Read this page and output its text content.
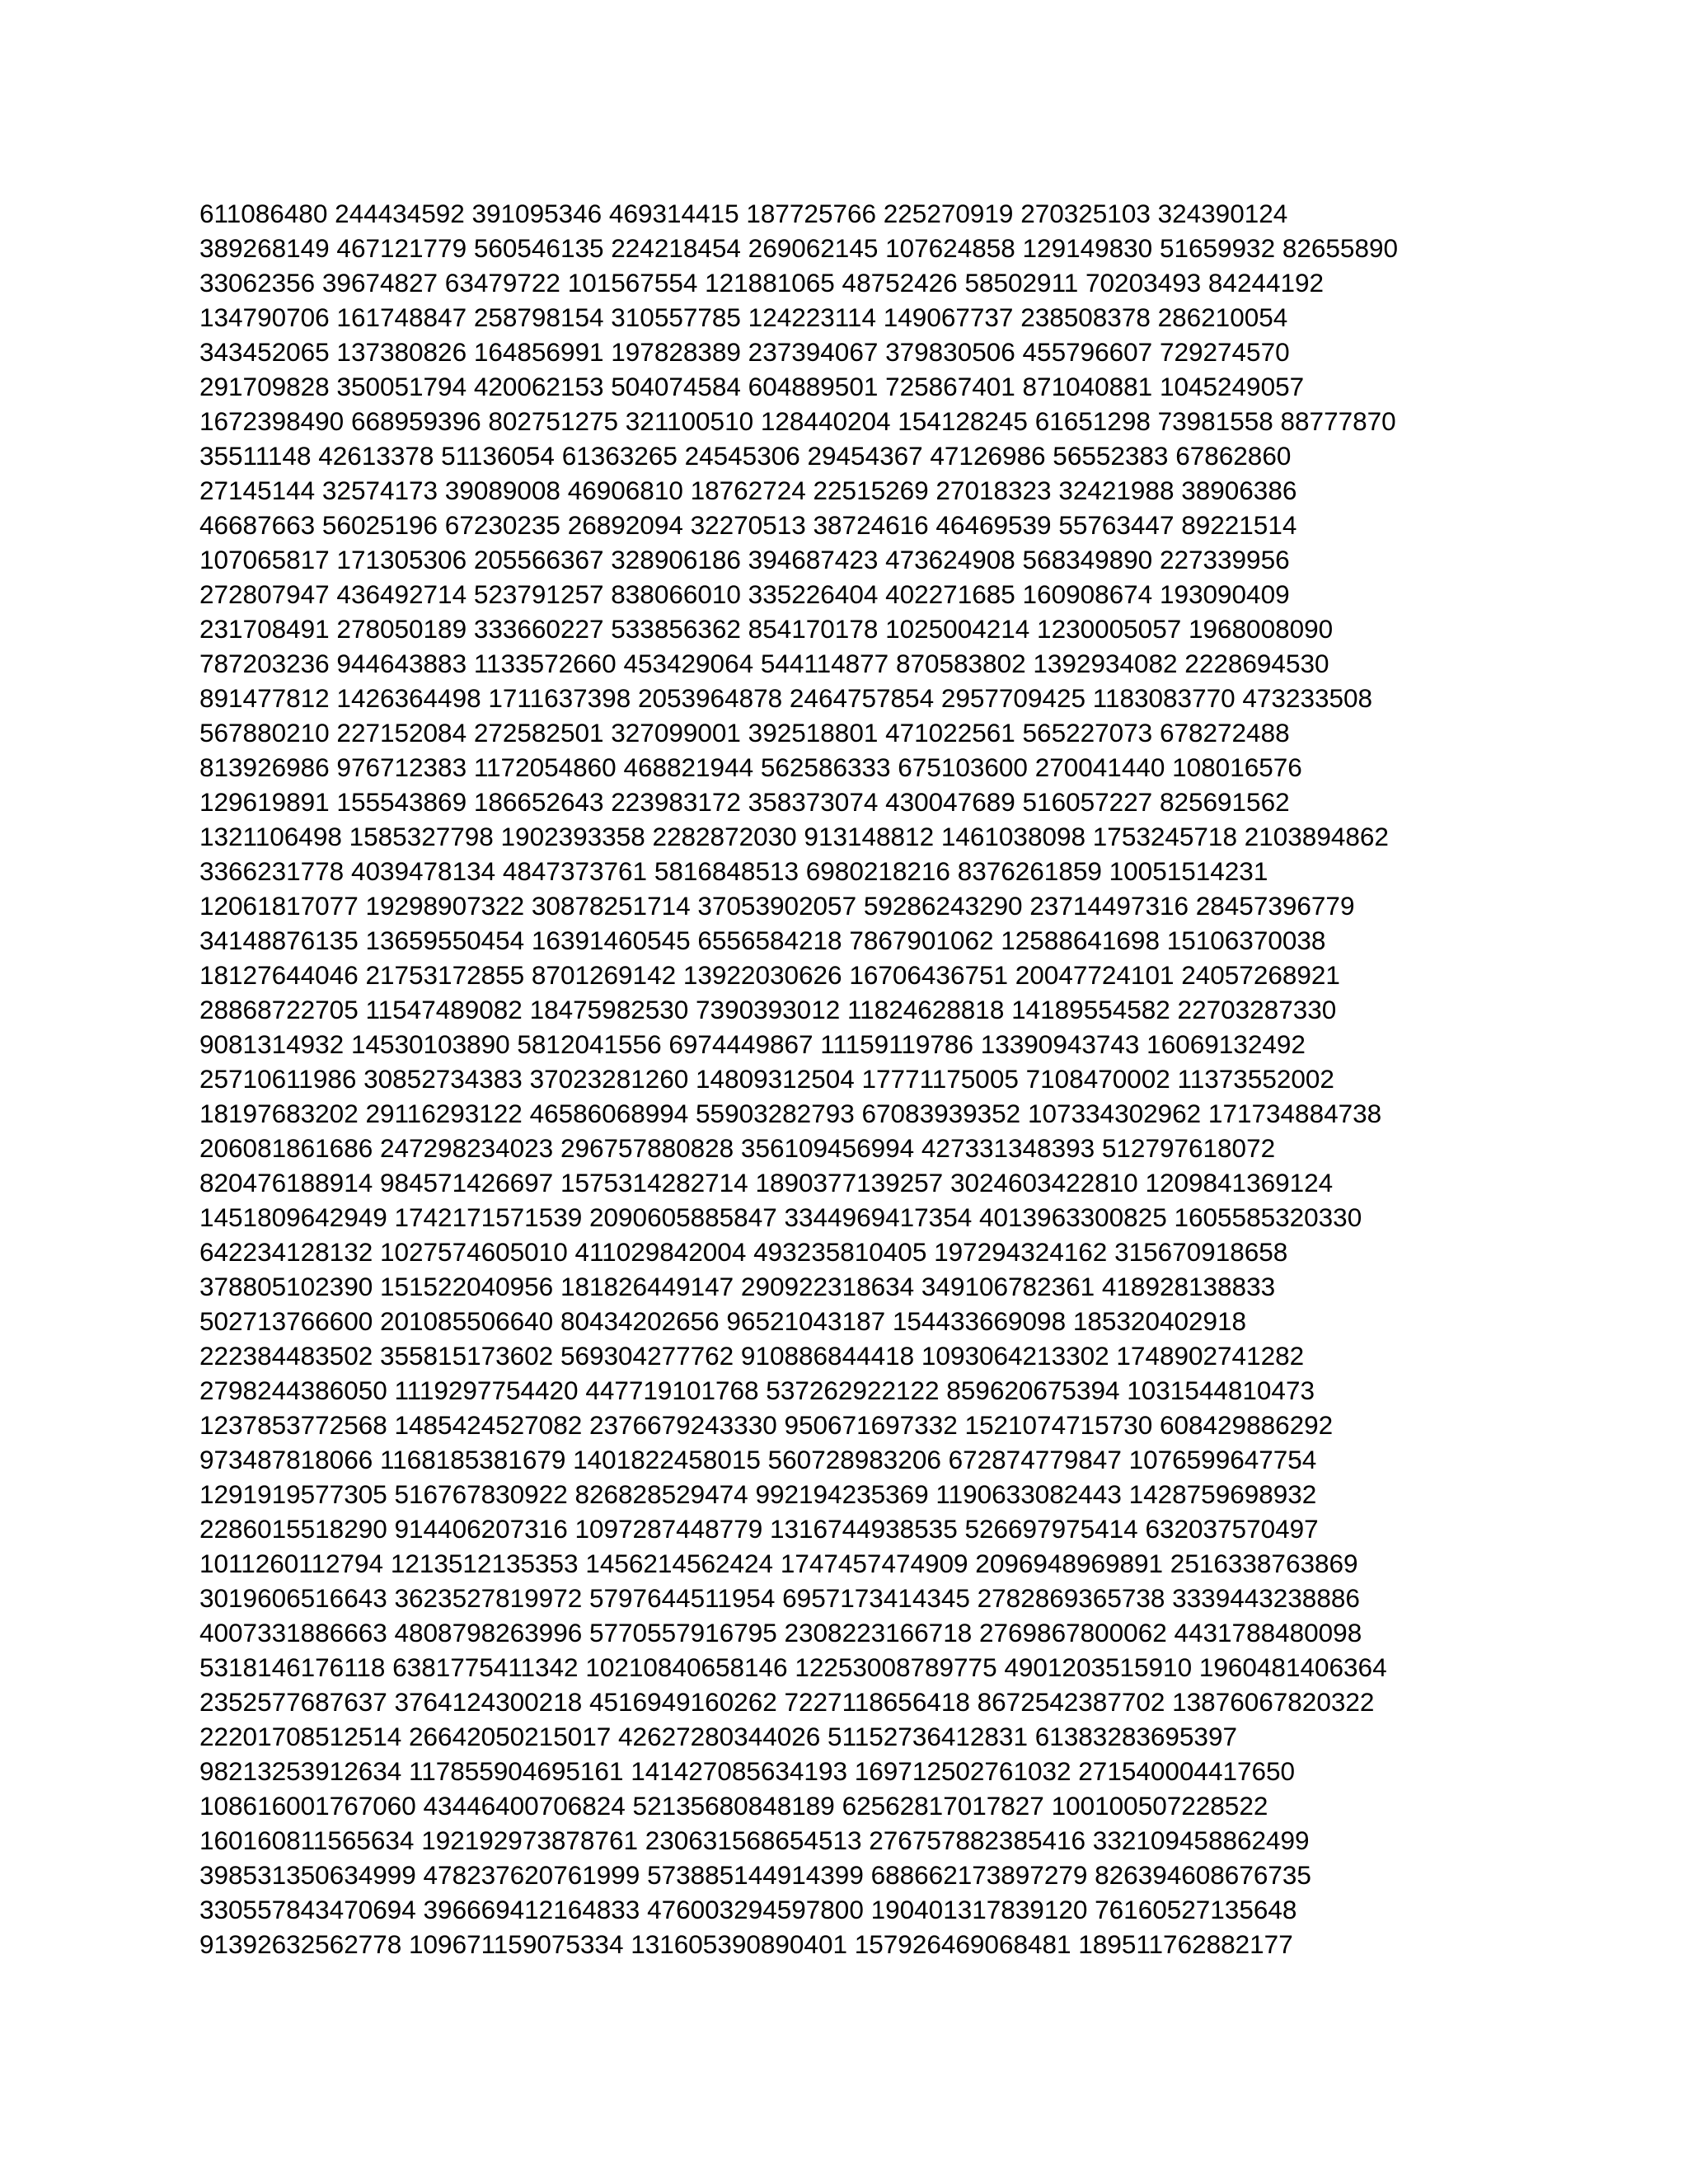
611086480 244434592 391095346 469314415 187725766 225270919 270325103 324390124
389268149 467121779 560546135 224218454 269062145 107624858 129149830 51659932 82655890
33062356 39674827 63479722 101567554 121881065 48752426 58502911 70203493 84244192
134790706 161748847 258798154 310557785 124223114 149067737 238508378 286210054
343452065 137380826 164856991 197828389 237394067 379830506 455796607 729274570
291709828 350051794 420062153 504074584 604889501 725867401 871040881 1045249057
1672398490 668959396 802751275 321100510 128440204 154128245 61651298 73981558 88777870
35511148 42613378 51136054 61363265 24545306 29454367 47126986 56552383 67862860
27145144 32574173 39089008 46906810 18762724 22515269 27018323 32421988 38906386
46687663 56025196 67230235 26892094 32270513 38724616 46469539 55763447 89221514
107065817 171305306 205566367 328906186 394687423 473624908 568349890 227339956
272807947 436492714 523791257 838066010 335226404 402271685 160908674 193090409
231708491 278050189 333660227 533856362 854170178 1025004214 1230005057 1968008090
787203236 944643883 1133572660 453429064 544114877 870583802 1392934082 2228694530
891477812 1426364498 1711637398 2053964878 2464757854 2957709425 1183083770 473233508
567880210 227152084 272582501 327099001 392518801 471022561 565227073 678272488
813926986 976712383 1172054860 468821944 562586333 675103600 270041440 108016576
129619891 155543869 186652643 223983172 358373074 430047689 516057227 825691562
1321106498 1585327798 1902393358 2282872030 913148812 1461038098 1753245718 2103894862
3366231778 4039478134 4847373761 5816848513 6980218216 8376261859 10051514231
12061817077 19298907322 30878251714 37053902057 59286243290 23714497316 28457396779
34148876135 13659550454 16391460545 6556584218 7867901062 12588641698 15106370038
18127644046 21753172855 8701269142 13922030626 16706436751 20047724101 24057268921
28868722705 11547489082 18475982530 7390393012 11824628818 14189554582 22703287330
9081314932 14530103890 5812041556 6974449867 11159119786 13390943743 16069132492
25710611986 30852734383 37023281260 14809312504 17771175005 7108470002 11373552002
18197683202 29116293122 46586068994 55903282793 67083939352 107334302962 171734884738
206081861686 247298234023 296757880828 356109456994 427331348393 512797618072
820476188914 984571426697 1575314282714 1890377139257 3024603422810 1209841369124
1451809642949 1742171571539 2090605885847 3344969417354 4013963300825 1605585320330
642234128132 1027574605010 411029842004 493235810405 197294324162 315670918658
378805102390 151522040956 181826449147 290922318634 349106782361 418928138833
502713766600 201085506640 80434202656 96521043187 154433669098 185320402918
222384483502 355815173602 569304277762 910886844418 1093064213302 1748902741282
2798244386050 1119297754420 447719101768 537262922122 859620675394 1031544810473
1237853772568 1485424527082 2376679243330 950671697332 1521074715730 608429886292
973487818066 1168185381679 1401822458015 560728983206 672874779847 1076599647754
1291919577305 516767830922 826828529474 992194235369 1190633082443 1428759698932
2286015518290 914406207316 1097287448779 1316744938535 526697975414 632037570497
1011260112794 1213512135353 1456214562424 1747457474909 2096948969891 2516338763869
3019606516643 3623527819972 5797644511954 6957173414345 2782869365738 3339443238886
4007331886663 4808798263996 5770557916795 2308223166718 2769867800062 4431788480098
5318146176118 6381775411342 10210840658146 12253008789775 4901203515910 1960481406364
2352577687637 3764124300218 4516949160262 7227118656418 8672542387702 13876067820322
22201708512514 26642050215017 42627280344026 51152736412831 61383283695397
98213253912634 117855904695161 141427085634193 169712502761032 271540004417650
108616001767060 43446400706824 52135680848189 62562817017827 100100507228522
160160811565634 192192973878761 230631568654513 276757882385416 332109458862499
398531350634999 478237620761999 573885144914399 688662173897279 826394608676735
330557843470694 396669412164833 476003294597800 190401317839120 76160527135648
91392632562778 109671159075334 131605390890401 157926469068481 189511762882177
